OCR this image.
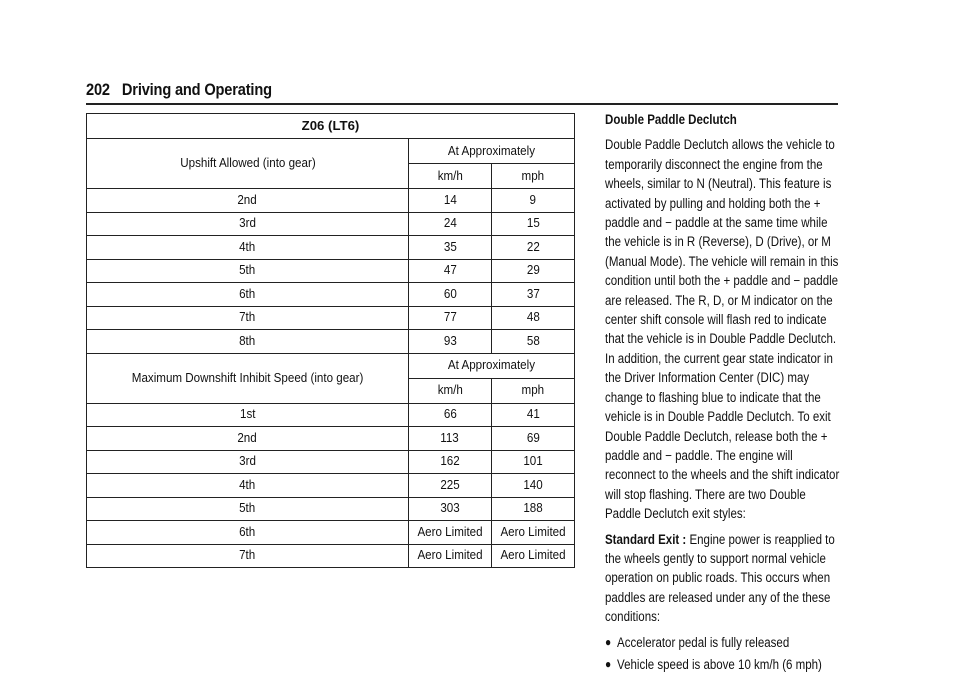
202 Driving and Operating
Z06 (LT6)		
Upshift Allowed (into gear)	At Approximately	
	km/h	mph
2nd	14	9
3rd	24	15
4th	35	22
5th	47	29
6th	60	37
7th	77	48
8th	93	58
Maximum Downshift Inhibit Speed (into gear)	At Approximately	
	km/h	mph
1st	66	41
2nd	113	69
3rd	162	101
4th	225	140
5th	303	188
6th	Aero Limited	Aero Limited
7th	Aero Limited	Aero Limited
Double Paddle Declutch

Double Paddle Declutch allows the vehicle to temporarily disconnect the engine from the wheels, similar to N (Neutral). This feature is activated by pulling and holding both the + paddle and − paddle at the same time while the vehicle is in R (Reverse), D (Drive), or M (Manual Mode). The vehicle will remain in this condition until both the + paddle and − paddle are released. The R, D, or M indicator on the center shift console will flash red to indicate that the vehicle is in Double Paddle Declutch. In addition, the current gear state indicator in the Driver Information Center (DIC) may change to flashing blue to indicate that the vehicle is in Double Paddle Declutch. To exit Double Paddle Declutch, release both the + paddle and − paddle. The engine will reconnect to the wheels and the shift indicator will stop flashing. There are two Double Paddle Declutch exit styles:

Standard Exit : Engine power is reapplied to the wheels gently to support normal vehicle operation on public roads. This occurs when paddles are released under any of the these conditions:

● Accelerator pedal is fully released
● Vehicle speed is above 10 km/h (6 mph)
